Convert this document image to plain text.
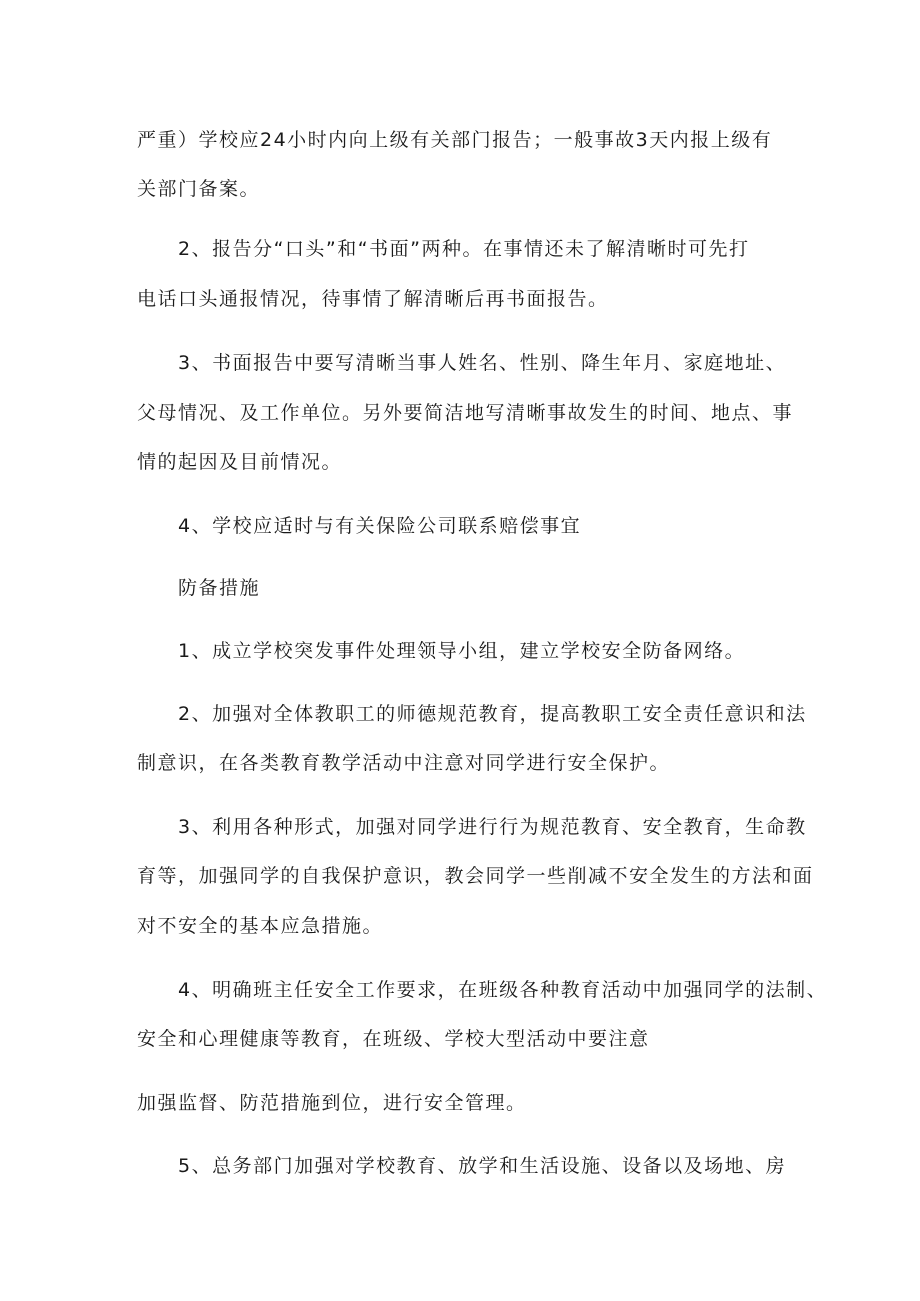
严重）学校应24小时内向上级有关部门报告；一般事故3天内报上级有
关部门备案。
2、报告分“口头”和“书面”两种。在事情还未了解清晰时可先打
电话口头通报情况，待事情了解清晰后再书面报告。
3、书面报告中要写清晰当事人姓名、性别、降生年月、家庭地址、
父母情况、及工作单位。另外要简洁地写清晰事故发生的时间、地点、事
情的起因及目前情况。
4、学校应适时与有关保险公司联系赔偿事宜
防备措施
1、成立学校突发事件处理领导小组，建立学校安全防备网络。
2、加强对全体教职工的师德规范教育，提高教职工安全责任意识和法
制意识，在各类教育教学活动中注意对同学进行安全保护。
3、利用各种形式，加强对同学进行行为规范教育、安全教育，生命教
育等，加强同学的自我保护意识，教会同学一些削减不安全发生的方法和面
对不安全的基本应急措施。
4、明确班主任安全工作要求，在班级各种教育活动中加强同学的法制、
安全和心理健康等教育，在班级、学校大型活动中要注意
加强监督、防范措施到位，进行安全管理。
5、总务部门加强对学校教育、放学和生活设施、设备以及场地、房
